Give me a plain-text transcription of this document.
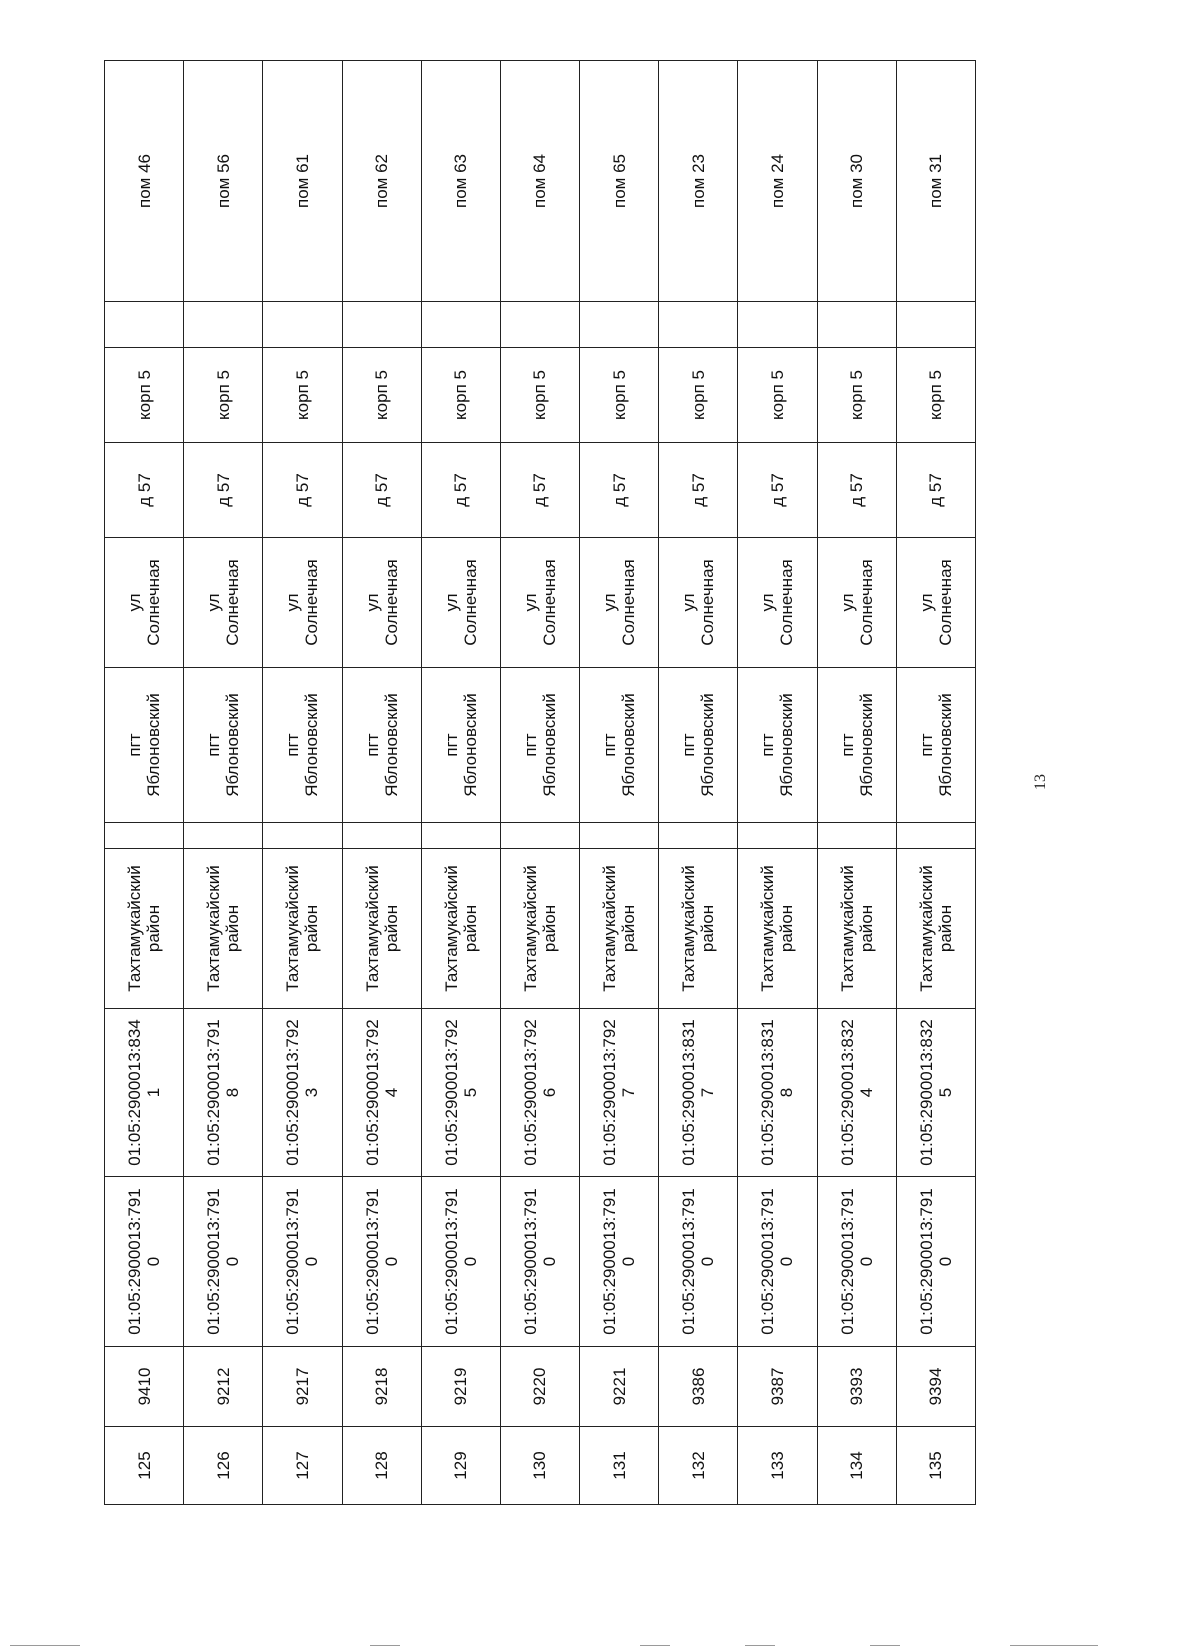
125	9410	01:05:2900013:791 0	01:05:2900013:834 1	Тахтамукайский район		пгт Яблоновский	ул Солнечная	д 57	корп 5		пом 46
126	9212	01:05:2900013:791 0	01:05:2900013:791 8	Тахтамукайский район		пгт Яблоновский	ул Солнечная	д 57	корп 5		пом 56
127	9217	01:05:2900013:791 0	01:05:2900013:792 3	Тахтамукайский район		пгт Яблоновский	ул Солнечная	д 57	корп 5		пом 61
128	9218	01:05:2900013:791 0	01:05:2900013:792 4	Тахтамукайский район		пгт Яблоновский	ул Солнечная	д 57	корп 5		пом 62
129	9219	01:05:2900013:791 0	01:05:2900013:792 5	Тахтамукайский район		пгт Яблоновский	ул Солнечная	д 57	корп 5		пом 63
130	9220	01:05:2900013:791 0	01:05:2900013:792 6	Тахтамукайский район		пгт Яблоновский	ул Солнечная	д 57	корп 5		пом 64
131	9221	01:05:2900013:791 0	01:05:2900013:792 7	Тахтамукайский район		пгт Яблоновский	ул Солнечная	д 57	корп 5		пом 65
132	9386	01:05:2900013:791 0	01:05:2900013:831 7	Тахтамукайский район		пгт Яблоновский	ул Солнечная	д 57	корп 5		пом 23
133	9387	01:05:2900013:791 0	01:05:2900013:831 8	Тахтамукайский район		пгт Яблоновский	ул Солнечная	д 57	корп 5		пом 24
134	9393	01:05:2900013:791 0	01:05:2900013:832 4	Тахтамукайский район		пгт Яблоновский	ул Солнечная	д 57	корп 5		пом 30
135	9394	01:05:2900013:791 0	01:05:2900013:832 5	Тахтамукайский район		пгт Яблоновский	ул Солнечная	д 57	корп 5		пом 31
13
